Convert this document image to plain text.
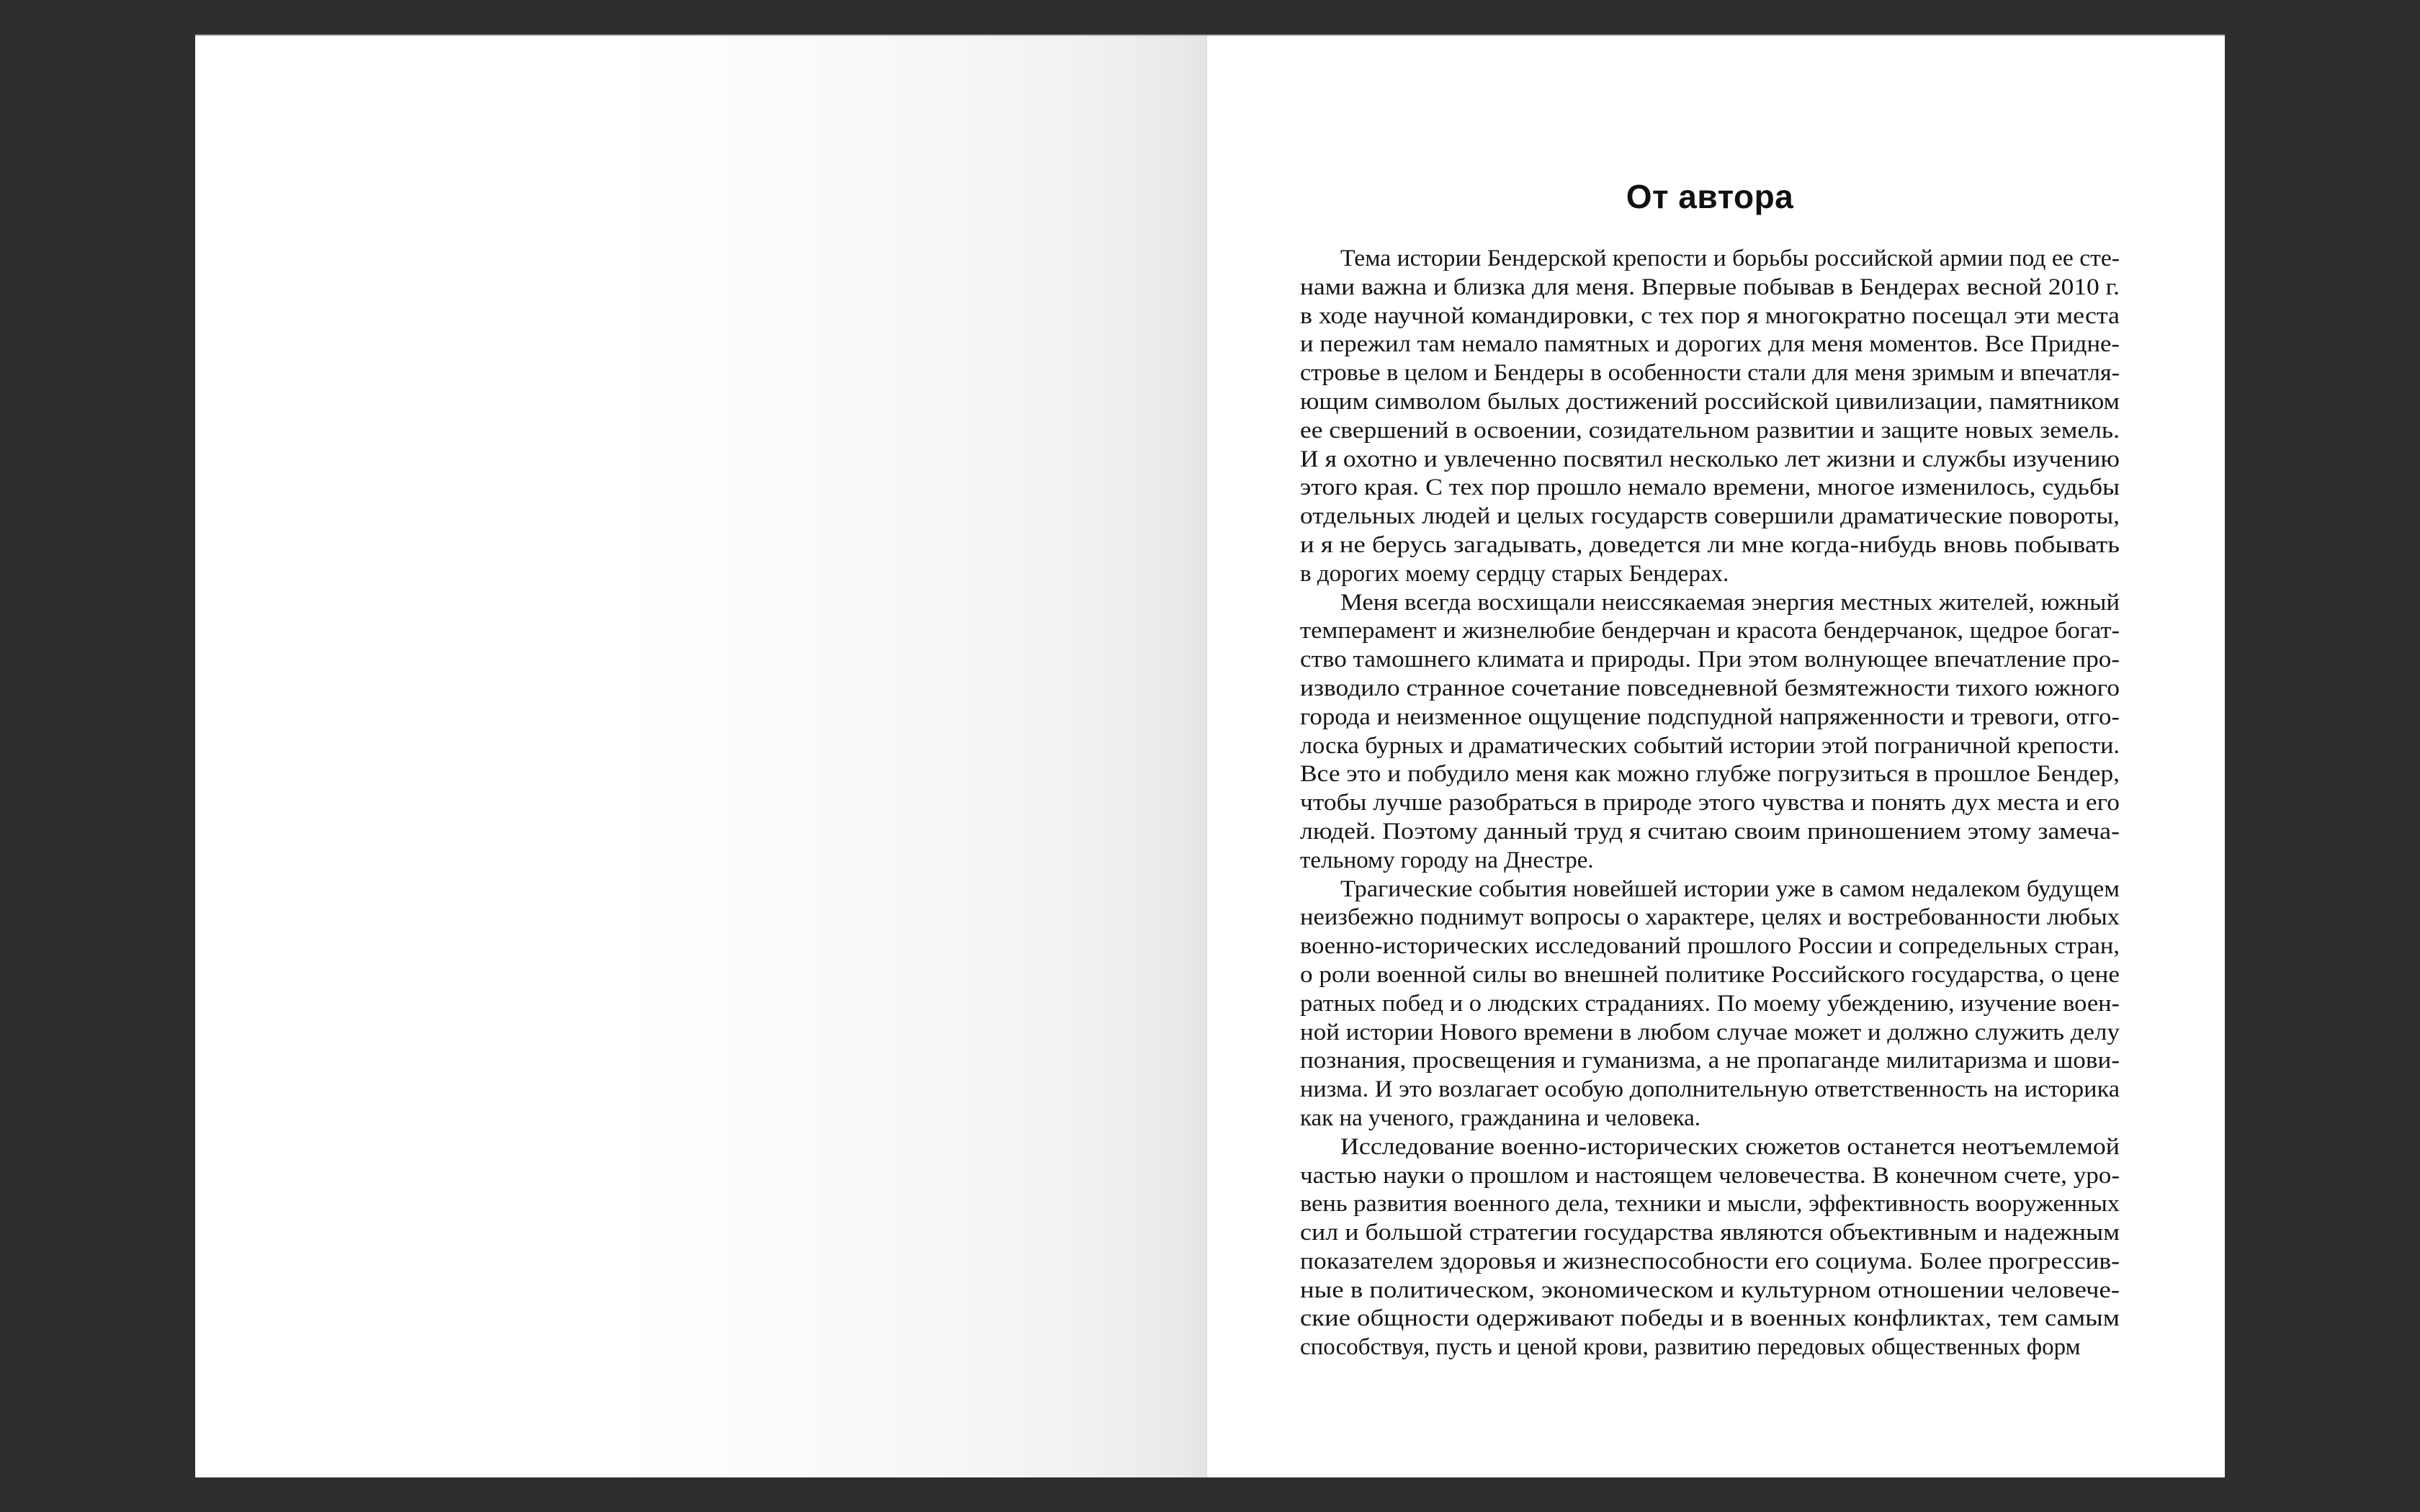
От автора
Тема истории Бендерской крепости и борьбы российской армии под ее сте-
нами важна и близка для меня. Впервые побывав в Бендерах весной 2010 г.
в ходе научной командировки, с тех пор я многократно посещал эти места
и пережил там немало памятных и дорогих для меня моментов. Все Придне-
стровье в целом и Бендеры в особенности стали для меня зримым и впечатля-
ющим символом былых достижений российской цивилизации, памятником
ее свершений в освоении, созидательном развитии и защите новых земель.
И я охотно и увлеченно посвятил несколько лет жизни и службы изучению
этого края. С тех пор прошло немало времени, многое изменилось, судьбы
отдельных людей и целых государств совершили драматические повороты,
и я не берусь загадывать, доведется ли мне когда-нибудь вновь побывать
в дорогих моему сердцу старых Бендерах.
Меня всегда восхищали неиссякаемая энергия местных жителей, южный
темперамент и жизнелюбие бендерчан и красота бендерчанок, щедрое богат-
ство тамошнего климата и природы. При этом волнующее впечатление про-
изводило странное сочетание повседневной безмятежности тихого южного
города и неизменное ощущение подспудной напряженности и тревоги, отго-
лоска бурных и драматических событий истории этой пограничной крепости.
Все это и побудило меня как можно глубже погрузиться в прошлое Бендер,
чтобы лучше разобраться в природе этого чувства и понять дух места и его
людей. Поэтому данный труд я считаю своим приношением этому замеча-
тельному городу на Днестре.
Трагические события новейшей истории уже в самом недалеком будущем
неизбежно поднимут вопросы о характере, целях и востребованности любых
военно-исторических исследований прошлого России и сопредельных стран,
о роли военной силы во внешней политике Российского государства, о цене
ратных побед и о людских страданиях. По моему убеждению, изучение воен-
ной истории Нового времени в любом случае может и должно служить делу
познания, просвещения и гуманизма, а не пропаганде милитаризма и шови-
низма. И это возлагает особую дополнительную ответственность на историка
как на ученого, гражданина и человека.
Исследование военно-исторических сюжетов останется неотъемлемой
частью науки о прошлом и настоящем человечества. В конечном счете, уро-
вень развития военного дела, техники и мысли, эффективность вооруженных
сил и большой стратегии государства являются объективным и надежным
показателем здоровья и жизнеспособности его социума. Более прогрессив-
ные в политическом, экономическом и культурном отношении человече-
ские общности одерживают победы и в военных конфликтах, тем самым
способствуя, пусть и ценой крови, развитию передовых общественных форм
